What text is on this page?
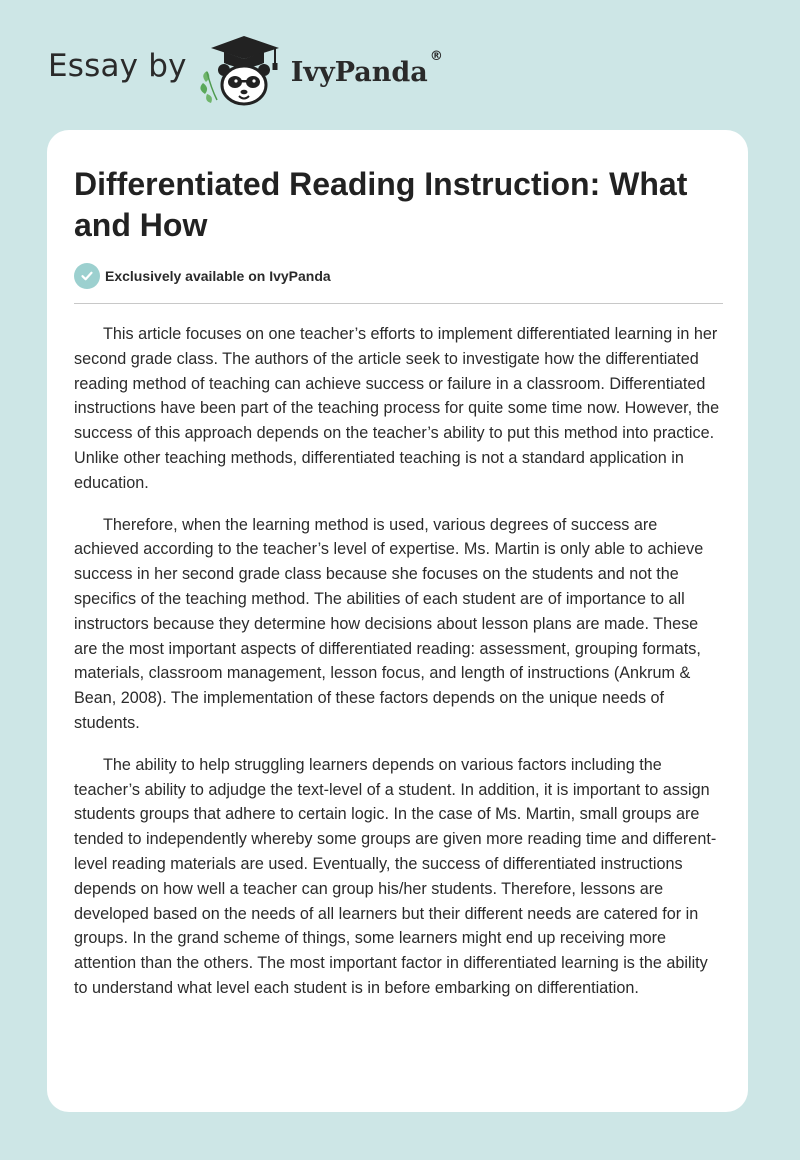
Essay by	IvyPanda®
Differentiated Reading Instruction: What and How
Exclusively available on IvyPanda

This article focuses on one teacher’s efforts to implement differentiated learning in her second grade class. The authors of the article seek to investigate how the differentiated reading method of teaching can achieve success or failure in a classroom. Differentiated instructions have been part of the teaching process for quite some time now. However, the success of this approach depends on the teacher’s ability to put this method into practice. Unlike other teaching methods, differentiated teaching is not a standard application in education.

Therefore, when the learning method is used, various degrees of success are achieved according to the teacher’s level of expertise. Ms. Martin is only able to achieve success in her second grade class because she focuses on the students and not the specifics of the teaching method. The abilities of each student are of importance to all instructors because they determine how decisions about lesson plans are made. These are the most important aspects of differentiated reading: assessment, grouping formats, materials, classroom management, lesson focus, and length of instructions (Ankrum & Bean, 2008). The implementation of these factors depends on the unique needs of students.

The ability to help struggling learners depends on various factors including the teacher’s ability to adjudge the text-level of a student. In addition, it is important to assign students groups that adhere to certain logic. In the case of Ms. Martin, small groups are tended to independently whereby some groups are given more reading time and different-level reading materials are used. Eventually, the success of differentiated instructions depends on how well a teacher can group his/her students. Therefore, lessons are developed based on the needs of all learners but their different needs are catered for in groups. In the grand scheme of things, some learners might end up receiving more attention than the others. The most important factor in differentiated learning is the ability to understand what level each student is in before embarking on differentiation.
